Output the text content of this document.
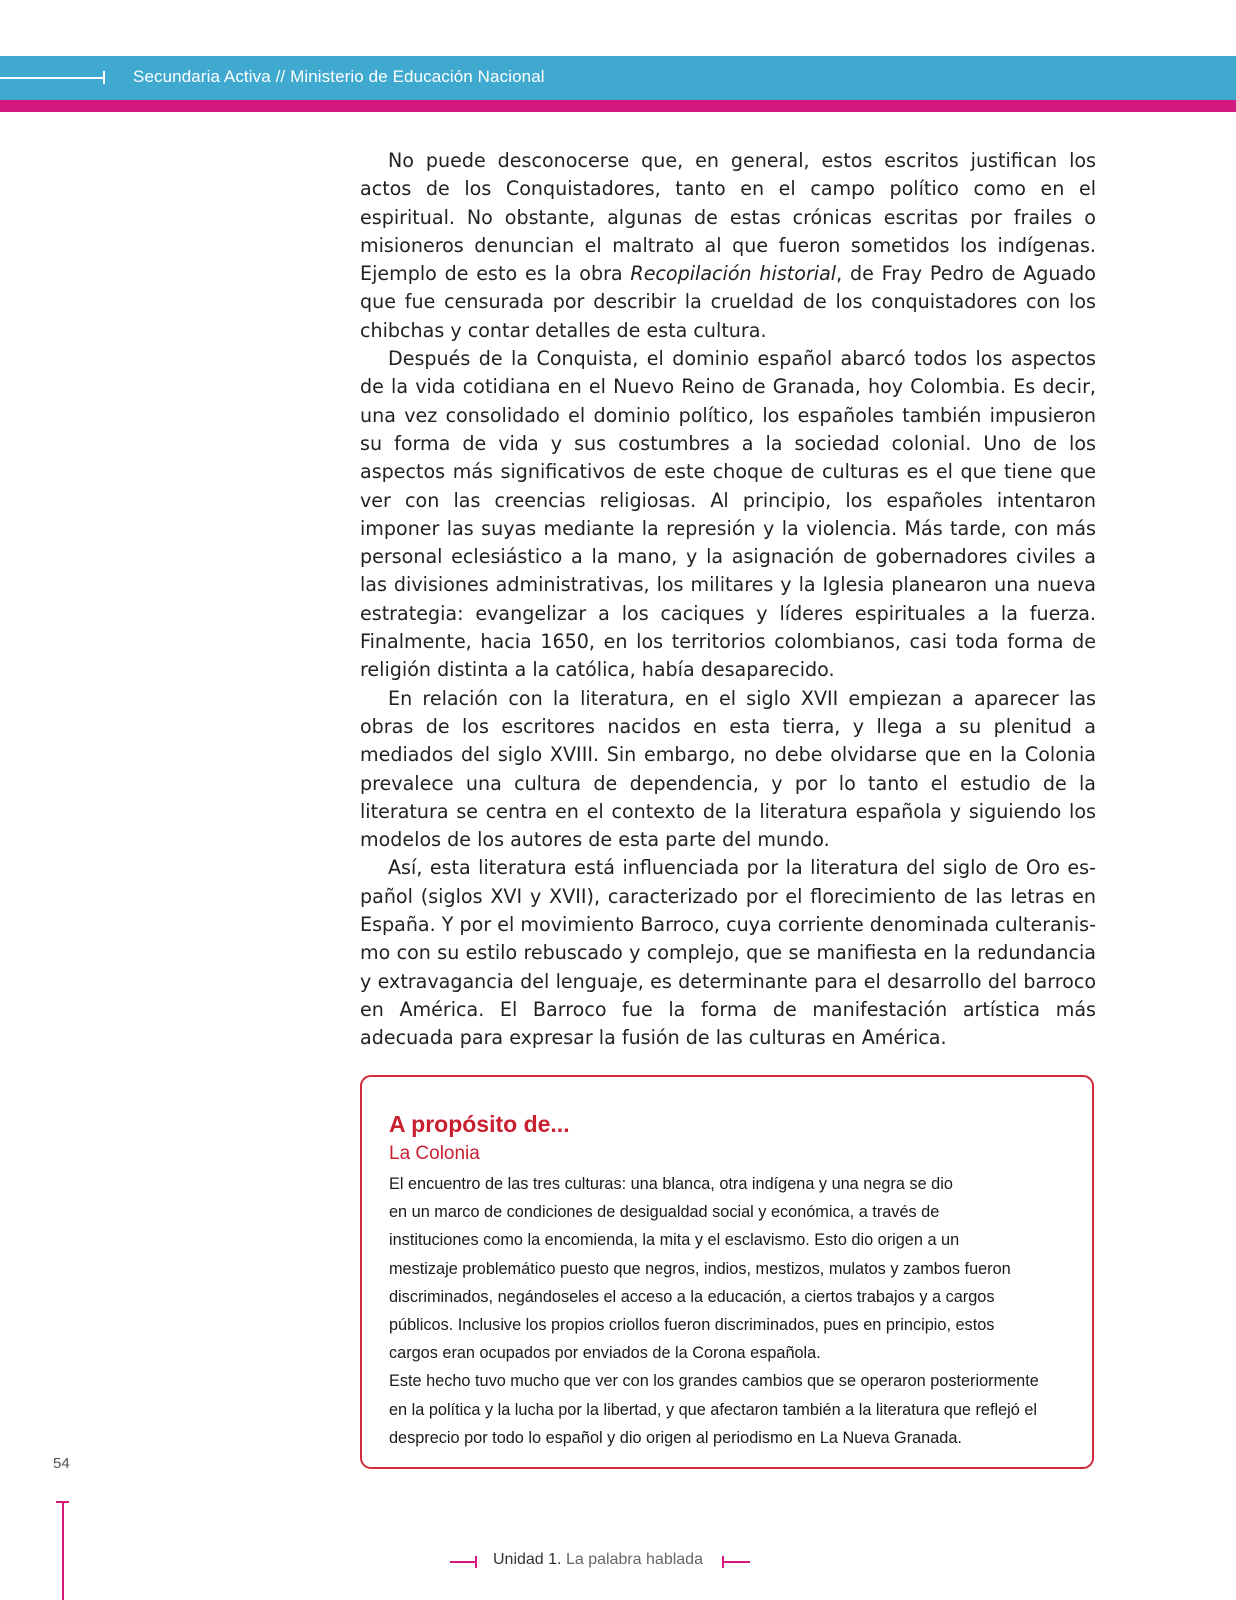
Secundaria Activa // Ministerio de Educación Nacional

No puede desconocerse que, en general, estos escritos justifican los actos de los Conquistadores, tanto en el campo político como en el espiritual. No obstante, algunas de estas crónicas escritas por frailes o misioneros denuncian el maltrato al que fueron sometidos los indígenas. Ejemplo de esto es la obra Recopilación historial, de Fray Pedro de Aguado que fue censurada por describir la crueldad de los conquistadores con los chibchas y contar detalles de esta cultura.

Después de la Conquista, el dominio español abarcó todos los aspectos de la vida cotidiana en el Nuevo Reino de Granada, hoy Colombia. Es decir, una vez consolidado el dominio político, los españoles también impusieron su forma de vida y sus costumbres a la sociedad colonial. Uno de los aspectos más significativos de este choque de culturas es el que tiene que ver con las creencias religiosas. Al principio, los españoles intentaron imponer las suyas mediante la represión y la violencia. Más tarde, con más personal eclesiástico a la mano, y la asignación de gobernadores civiles a las divisiones administrativas, los militares y la Iglesia planearon una nueva estrategia: evangelizar a los caciques y líderes espirituales a la fuerza. Finalmente, hacia 1650, en los territorios colombianos, casi toda forma de religión distinta a la católica, había desaparecido.

En relación con la literatura, en el siglo XVII empiezan a aparecer las obras de los escritores nacidos en esta tierra, y llega a su plenitud a mediados del siglo XVIII. Sin embargo, no debe olvidarse que en la Colonia prevalece una cultura de dependencia, y por lo tanto el estudio de la literatura se centra en el contexto de la literatura española y siguiendo los modelos de los autores de esta parte del mundo.

Así, esta literatura está influenciada por la literatura del siglo de Oro español (siglos XVI y XVII), caracterizado por el florecimiento de las letras en España. Y por el movimiento Barroco, cuya corriente denominada culteranismo con su estilo rebuscado y complejo, que se manifiesta en la redundancia y extravagancia del lenguaje, es determinante para el desarrollo del barroco en América. El Barroco fue la forma de manifestación artística más adecuada para expresar la fusión de las culturas en América.

A propósito de...
La Colonia
El encuentro de las tres culturas: una blanca, otra indígena y una negra se dio
en un marco de condiciones de desigualdad social y económica, a través de
instituciones como la encomienda, la mita y el esclavismo. Esto dio origen a un
mestizaje problemático puesto que negros, indios, mestizos, mulatos y zambos fueron
discriminados, negándoseles el acceso a la educación, a ciertos trabajos y a cargos
públicos. Inclusive los propios criollos fueron discriminados, pues en principio, estos
cargos eran ocupados por enviados de la Corona española.
Este hecho tuvo mucho que ver con los grandes cambios que se operaron posteriormente
en la política y la lucha por la libertad, y que afectaron también a la literatura que reflejó el
desprecio por todo lo español y dio origen al periodismo en La Nueva Granada.
54
Unidad 1. La palabra hablada
